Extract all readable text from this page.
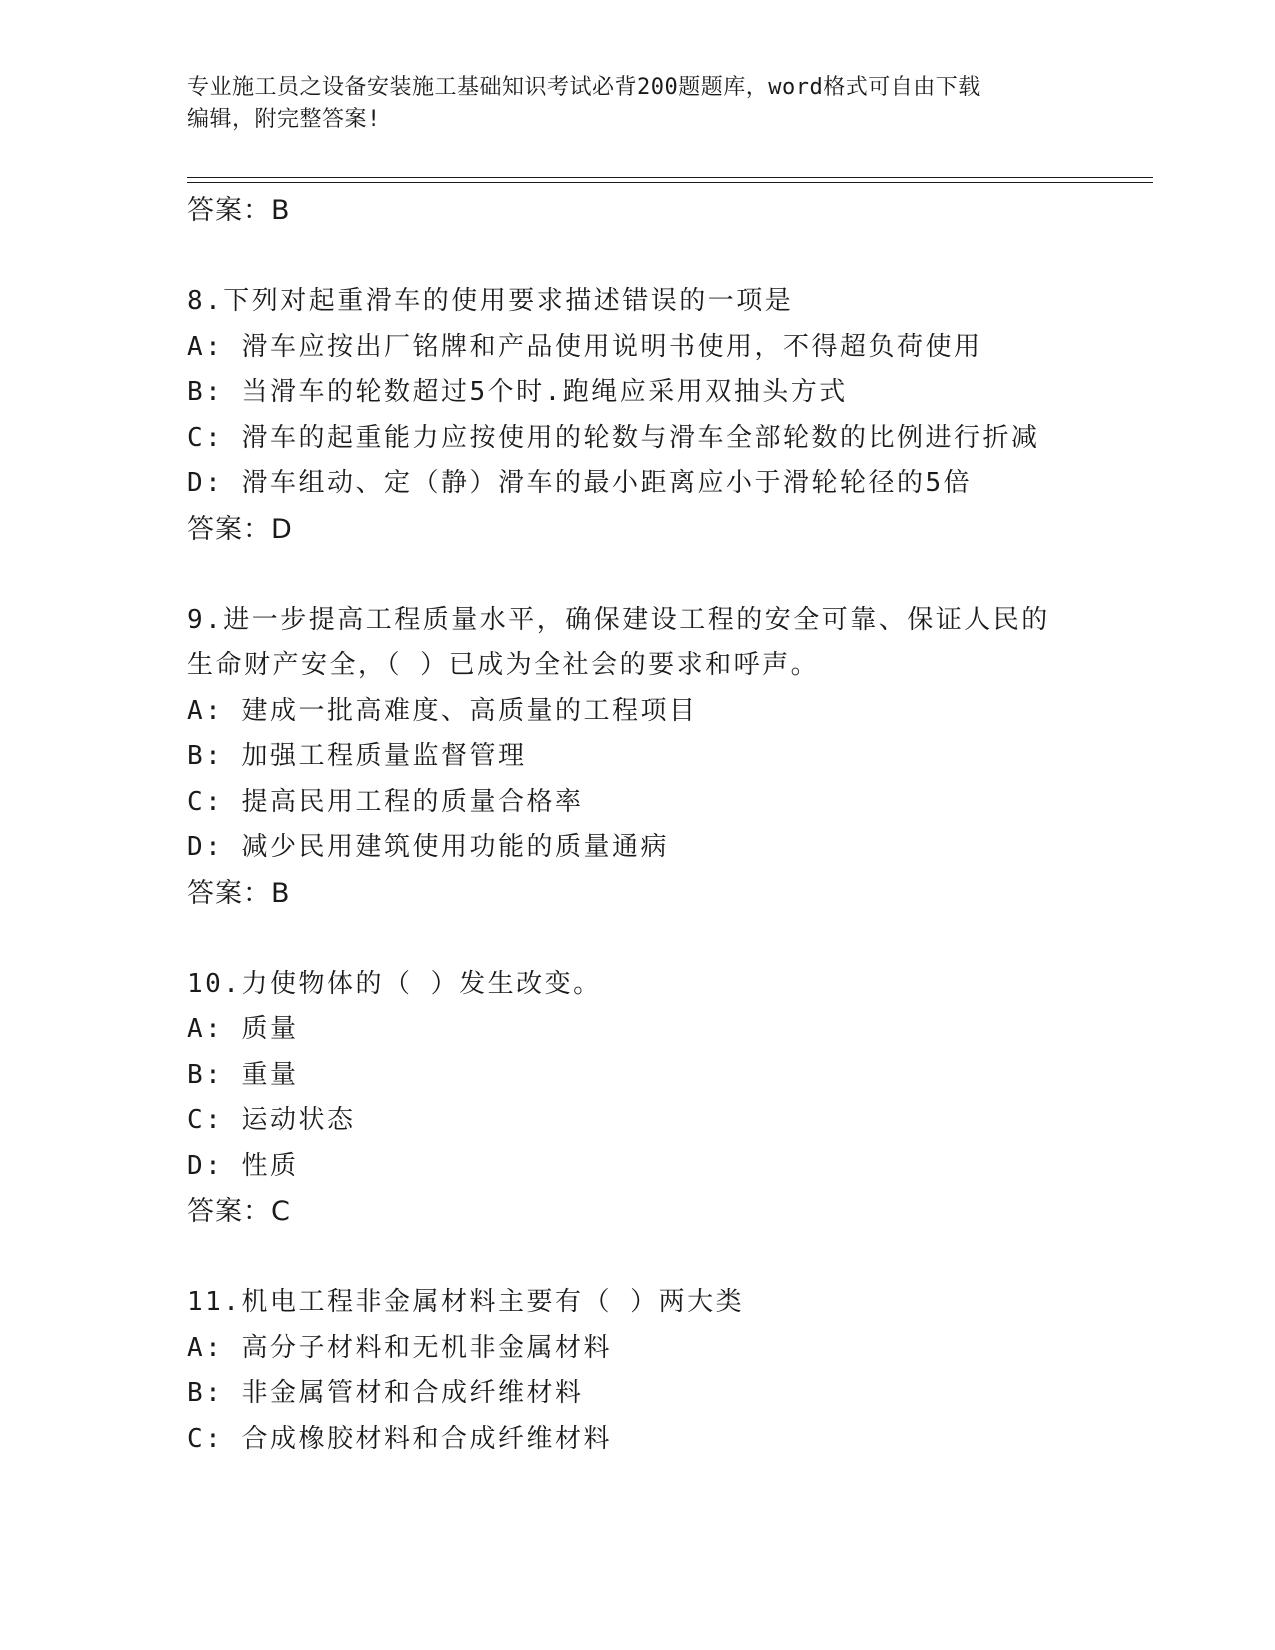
专业施工员之设备安装施工基础知识考试必背200题题库，word格式可自由下载
编辑，附完整答案!
答案：B
8.下列对起重滑车的使用要求描述错误的一项是
A: 滑车应按出厂铭牌和产品使用说明书使用，不得超负荷使用
B: 当滑车的轮数超过5个时.跑绳应采用双抽头方式
C: 滑车的起重能力应按使用的轮数与滑车全部轮数的比例进行折减
D: 滑车组动、定（静）滑车的最小距离应小于滑轮轮径的5倍
答案：D
9.进一步提高工程质量水平，确保建设工程的安全可靠、保证人民的
生命财产安全，（ ）已成为全社会的要求和呼声。
A: 建成一批高难度、高质量的工程项目
B: 加强工程质量监督管理
C: 提高民用工程的质量合格率
D: 减少民用建筑使用功能的质量通病
答案：B
10.力使物体的（ ）发生改变。
A: 质量
B: 重量
C: 运动状态
D: 性质
答案：C
11.机电工程非金属材料主要有（ ）两大类
A: 高分子材料和无机非金属材料
B: 非金属管材和合成纤维材料
C: 合成橡胶材料和合成纤维材料
